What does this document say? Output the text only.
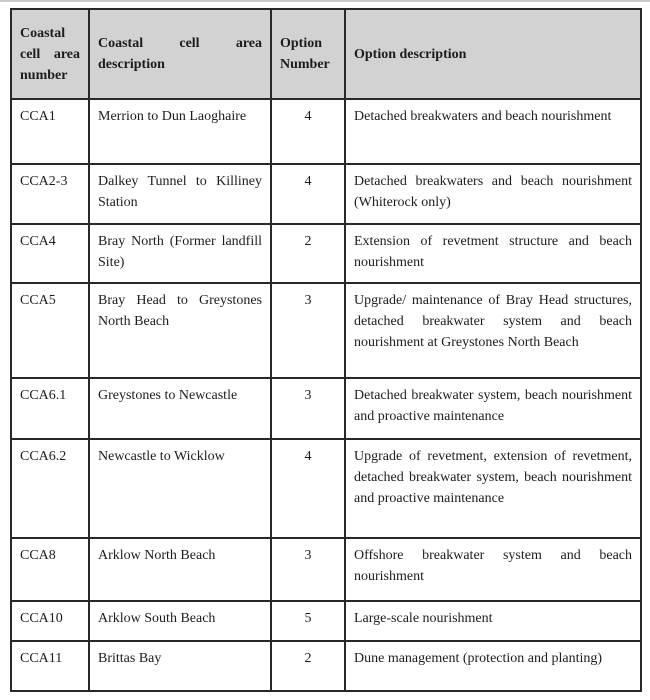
Coastal cell area number	Coastal cell area description	Option Number	Option description
CCA1	Merrion to Dun Laoghaire	4	Detached breakwaters and beach nourishment
CCA2-3	Dalkey Tunnel to Killiney Station	4	Detached breakwaters and beach nourishment (Whiterock only)
CCA4	Bray North (Former landfill Site)	2	Extension of revetment structure and beach nourishment
CCA5	Bray Head to Greystones North Beach	3	Upgrade/ maintenance of Bray Head structures, detached breakwater system and beach nourishment at Greystones North Beach
CCA6.1	Greystones to Newcastle	3	Detached breakwater system, beach nourishment and proactive maintenance
CCA6.2	Newcastle to Wicklow	4	Upgrade of revetment, extension of revetment, detached breakwater system, beach nourishment and proactive maintenance
CCA8	Arklow North Beach	3	Offshore breakwater system and beach nourishment
CCA10	Arklow South Beach	5	Large-scale nourishment
CCA11	Brittas Bay	2	Dune management (protection and planting)
